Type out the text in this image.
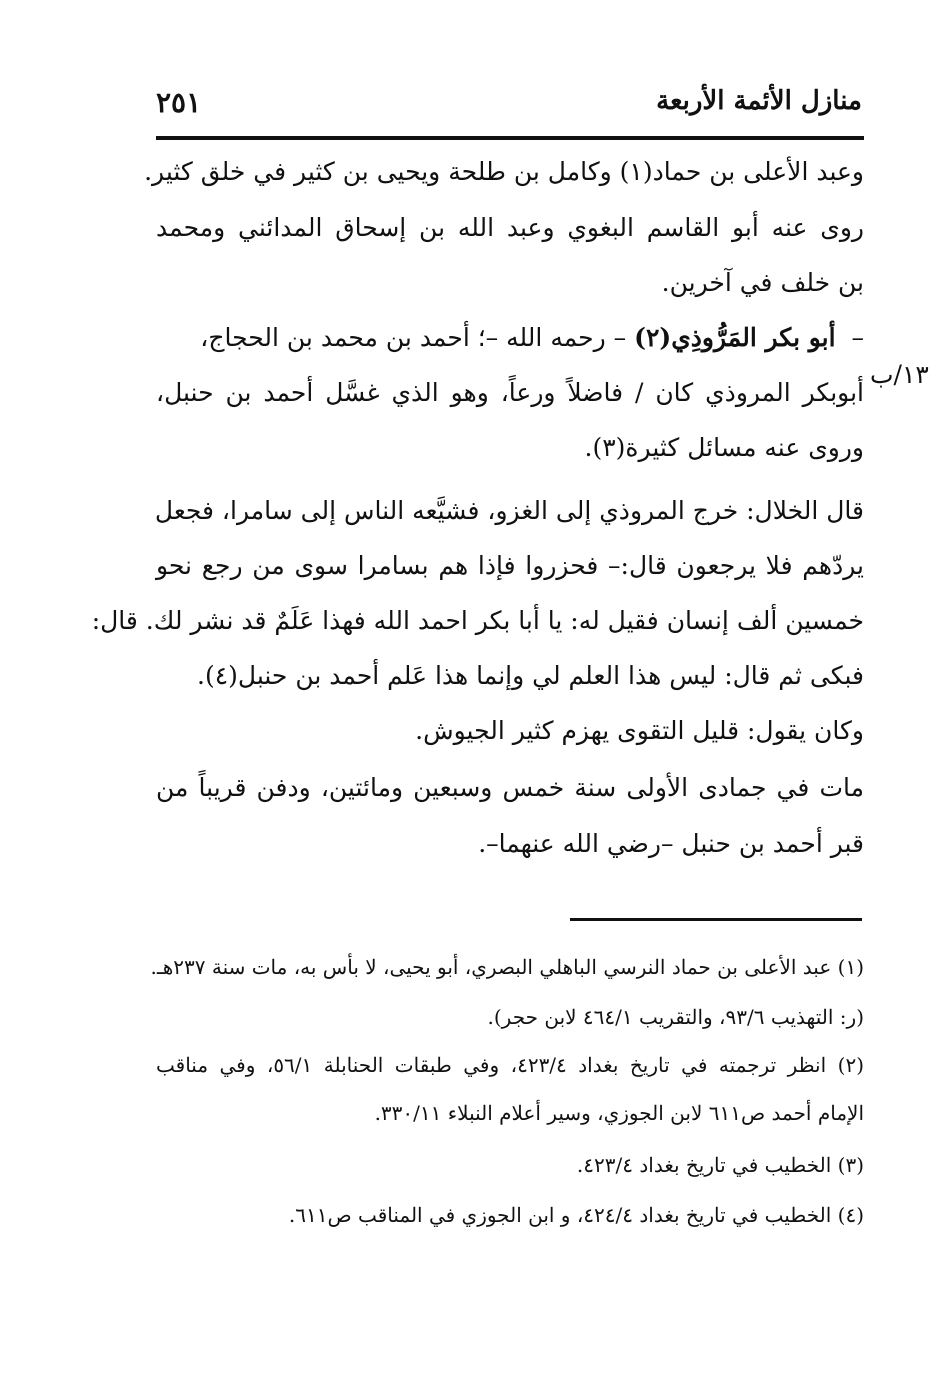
منازل الأئمة الأربعة
٢٥١
وعبد الأعلى بن حماد(١) وكامل بن طلحة ويحيى بن كثير في خلق كثير.
روى عنه أبو القاسم البغوي وعبد الله بن إسحاق المدائني ومحمد
بن خلف في آخرين.
–  أبو بكر المَرُّوذِي(٢) – رحمه الله –؛ أحمد بن محمد بن الحجاج،
١٣/ب
أبوبكر المروذي كان / فاضلاً ورعاً، وهو الذي غسَّل أحمد بن حنبل،
وروى عنه مسائل كثيرة(٣).
قال الخلال: خرج المروذي إلى الغزو، فشيَّعه الناس إلى سامرا، فجعل
يردّهم فلا يرجعون قال:– فحزروا فإذا هم بسامرا سوى من رجع نحو
خمسين ألف إنسان فقيل له: يا أبا بكر احمد الله فهذا عَلَمٌ قد نشر لك. قال:
فبكى ثم قال: ليس هذا العلم لي وإنما هذا عَلم أحمد بن حنبل(٤).
وكان يقول: قليل التقوى يهزم كثير الجيوش.
مات في جمادى الأولى سنة خمس وسبعين ومائتين، ودفن قريباً من
قبر أحمد بن حنبل –رضي الله عنهما–.
(١) عبد الأعلى بن حماد النرسي الباهلي البصري، أبو يحيى، لا بأس به، مات سنة ٢٣٧هـ.
(ر: التهذيب ٩٣/٦، والتقريب ٤٦٤/١ لابن حجر).
(٢) انظر ترجمته في تاريخ بغداد ٤٢٣/٤، وفي طبقات الحنابلة ٥٦/١، وفي مناقب
الإمام أحمد ص٦١١ لابن الجوزي، وسير أعلام النبلاء ٣٣٠/١١.
(٣) الخطيب في تاريخ بغداد ٤٢٣/٤.
(٤) الخطيب في تاريخ بغداد ٤٢٤/٤، و ابن الجوزي في المناقب ص٦١١.
